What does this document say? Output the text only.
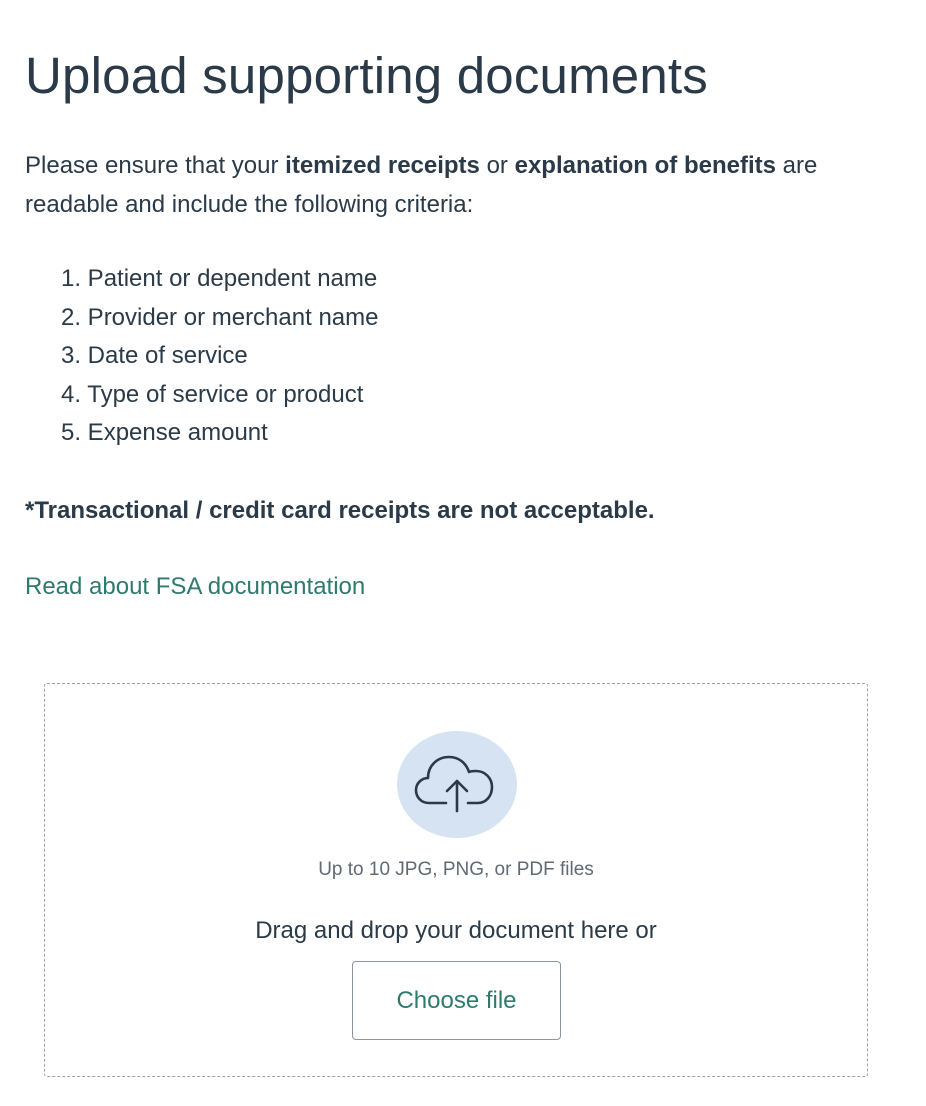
Upload supporting documents

Please ensure that your itemized receipts or explanation of benefits are readable and include the following criteria:

1. Patient or dependent name
2. Provider or merchant name
3. Date of service
4. Type of service or product
5. Expense amount

*Transactional / credit card receipts are not acceptable.

Read about FSA documentation
Up to 10 JPG, PNG, or PDF files
Drag and drop your document here or
Choose file
